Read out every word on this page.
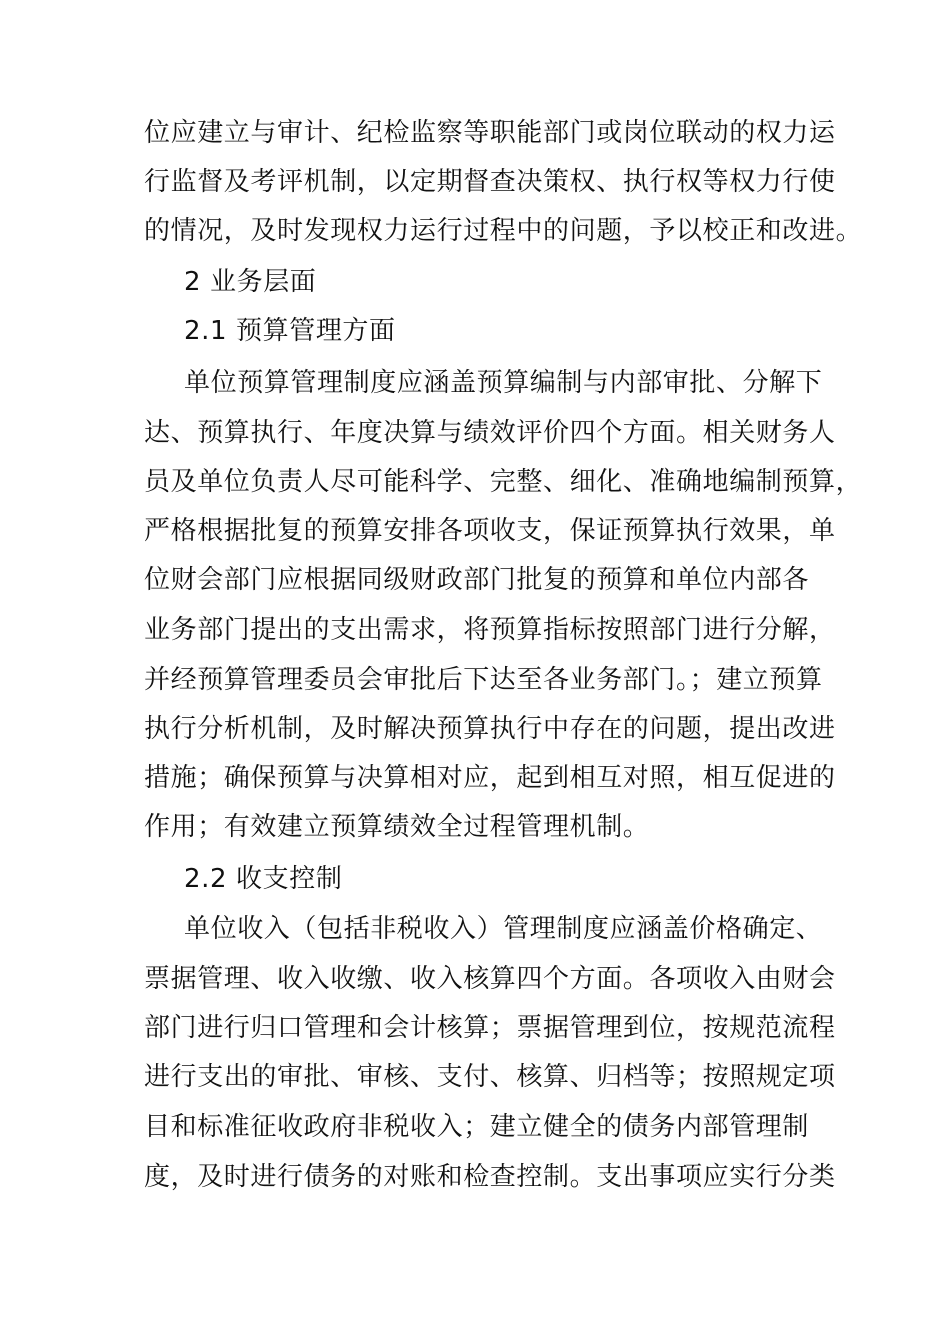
位应建立与审计、纪检监察等职能部门或岗位联动的权力运
行监督及考评机制，以定期督查决策权、执行权等权力行使
的情况，及时发现权力运行过程中的问题，予以校正和改进。
2 业务层面
2.1 预算管理方面
单位预算管理制度应涵盖预算编制与内部审批、分解下
达、预算执行、年度决算与绩效评价四个方面。相关财务人
员及单位负责人尽可能科学、完整、细化、准确地编制预算，
严格根据批复的预算安排各项收支，保证预算执行效果，单
位财会部门应根据同级财政部门批复的预算和单位内部各
业务部门提出的支出需求，将预算指标按照部门进行分解，
并经预算管理委员会审批后下达至各业务部门。；建立预算
执行分析机制，及时解决预算执行中存在的问题，提出改进
措施；确保预算与决算相对应，起到相互对照，相互促进的
作用；有效建立预算绩效全过程管理机制。
2.2 收支控制
单位收入（包括非税收入）管理制度应涵盖价格确定、
票据管理、收入收缴、收入核算四个方面。各项收入由财会
部门进行归口管理和会计核算；票据管理到位，按规范流程
进行支出的审批、审核、支付、核算、归档等；按照规定项
目和标准征收政府非税收入；建立健全的债务内部管理制
度，及时进行债务的对账和检查控制。支出事项应实行分类
